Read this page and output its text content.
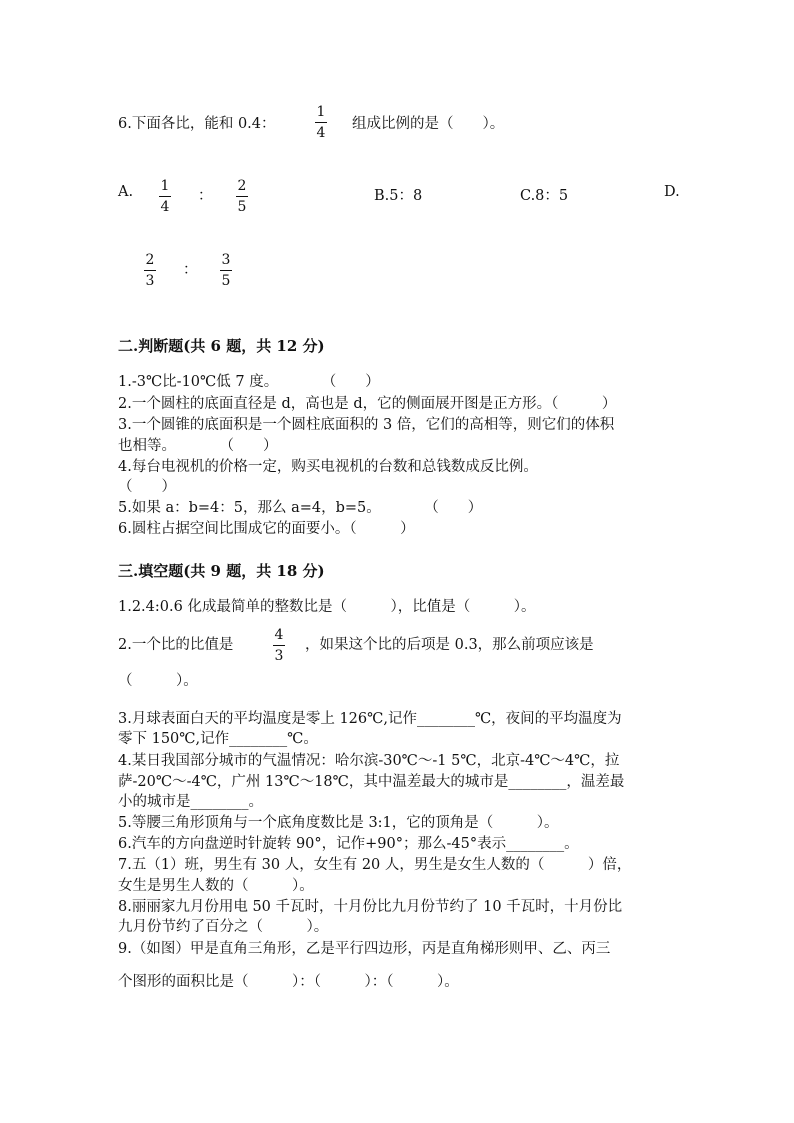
6.下面各比，能和 0.4：
1
4
组成比例的是（　　）。
A. 1
4
：
2
5
B.5：8	C.8：5	D.
2
3
：
3
5
二.判断题(共 6 题，共 12 分)
1.-3℃比-10℃低 7 度。　　　　（　　）
2.一个圆柱的底面直径是 d，高也是 d，它的侧面展开图是正方形。（　　　）
3.一个圆锥的底面积是一个圆柱底面积的 3 倍，它们的高相等，则它们的体积
也相等。　　　　（　　）
4.每台电视机的价格一定，购买电视机的台数和总钱数成反比例。
（　　）
5.如果 a：b=4：5，那么 a=4，b=5。　　　　（　　）
6.圆柱占据空间比围成它的面要小。（　　　）
三.填空题(共 9 题，共 18 分)
1.2.4:0.6 化成最简单的整数比是（　　　），比值是（　　　）。
2.一个比的比值是
4
3
，如果这个比的后项是 0.3，那么前项应该是
（　　　）。
3.月球表面白天的平均温度是零上 126℃,记作________℃，夜间的平均温度为
零下 150℃,记作________℃。
4.某日我国部分城市的气温情况：哈尔滨-30℃～-1 5℃，北京-4℃～4℃，拉
萨-20℃～-4℃，广州 13℃～18℃，其中温差最大的城市是________，温差最
小的城市是________。
5.等腰三角形顶角与一个底角度数比是 3:1，它的顶角是（　　　）。
6.汽车的方向盘逆时针旋转 90°，记作+90°；那么-45°表示________。
7.五（1）班，男生有 30 人，女生有 20 人，男生是女生人数的（　　　）倍，
女生是男生人数的（　　　）。
8.丽丽家九月份用电 50 千瓦时，十月份比九月份节约了 10 千瓦时，十月份比
九月份节约了百分之（　　　）。
9.（如图）甲是直角三角形，乙是平行四边形，丙是直角梯形则甲、乙、丙三
个图形的面积比是（　　　）：（　　　）：（　　　）。
